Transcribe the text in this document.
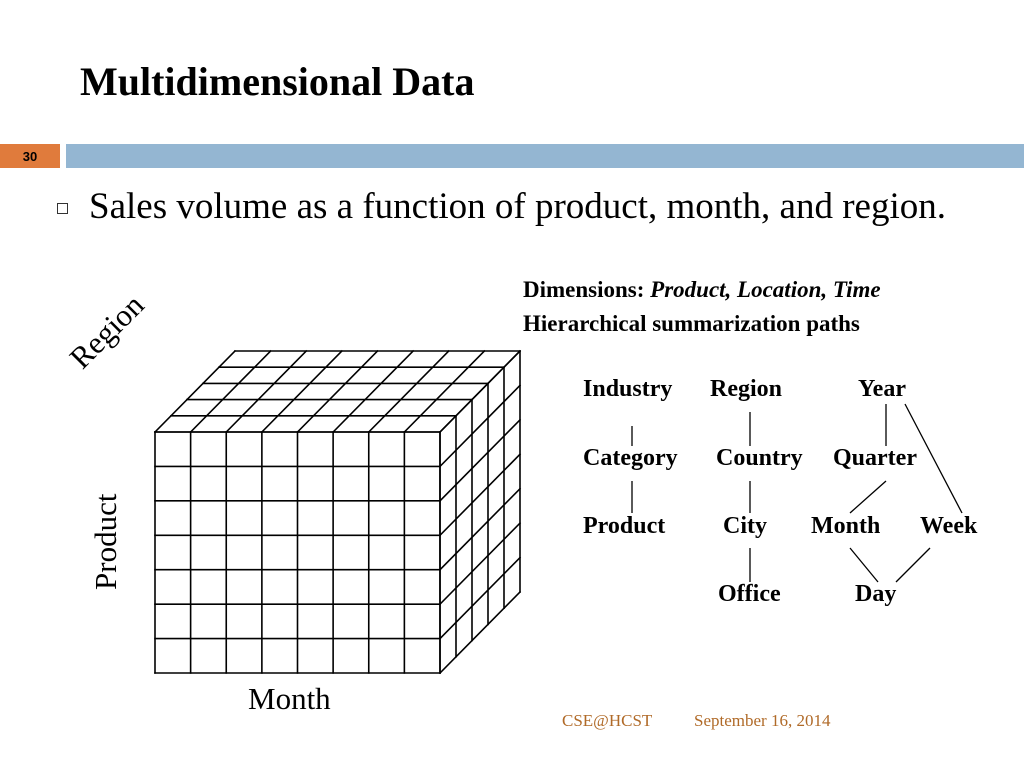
Multidimensional Data
30
Sales volume as a function of product, month, and region.
Dimensions: Product, Location, Time
Hierarchical summarization paths
Region
Product
Month
Industry
Category
Product
Region
Country
City
Office
Year
Quarter
Month Week
Day
CSE@HCST September 16, 2014
